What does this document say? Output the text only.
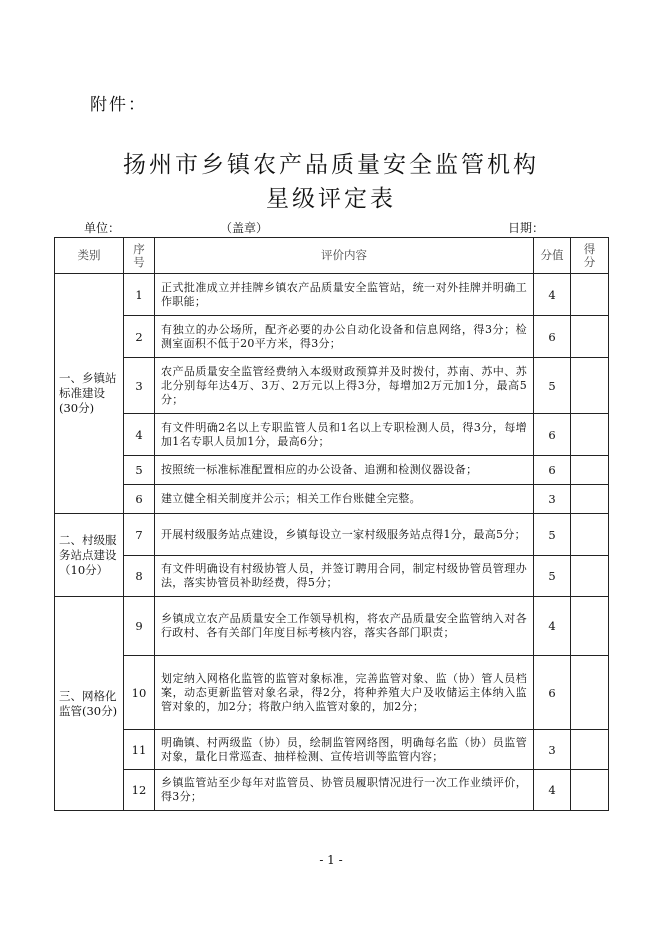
附件：
扬州市乡镇农产品质量安全监管机构
星级评定表
单位：	（盖章）	日期：
类别	序号	评价内容	分值	得分
一、乡镇站标准建设(30分)	1	正式批准成立并挂牌乡镇农产品质量安全监管站，统一对外挂牌并明确工作职能；	4	
	2	有独立的办公场所，配齐必要的办公自动化设备和信息网络，得3分；检测室面积不低于20平方米，得3分；	6	
	3	农产品质量安全监管经费纳入本级财政预算并及时拨付，苏南、苏中、苏北分别每年达4万、3万、2万元以上得3分，每增加2万元加1分，最高5分；	5	
	4	有文件明确2名以上专职监管人员和1名以上专职检测人员，得3分，每增加1名专职人员加1分，最高6分；	6	
	5	按照统一标准标准配置相应的办公设备、追溯和检测仪器设备；	6	
	6	建立健全相关制度并公示；相关工作台账健全完整。	3	
二、村级服务站点建设（10分）	7	开展村级服务站点建设，乡镇每设立一家村级服务站点得1分，最高5分；	5	
	8	有文件明确设有村级协管人员，并签订聘用合同，制定村级协管员管理办法，落实协管员补助经费，得5分；	5	
三、网格化监管(30分)	9	乡镇成立农产品质量安全工作领导机构，将农产品质量安全监管纳入对各行政村、各有关部门年度目标考核内容，落实各部门职责；	4	
	10	划定纳入网格化监管的监管对象标准，完善监管对象、监（协）管人员档案，动态更新监管对象名录，得2分，将种养殖大户及收储运主体纳入监管对象的，加2分；将散户纳入监管对象的，加2分；	6	
	11	明确镇、村两级监（协）员，绘制监管网络图，明确每名监（协）员监管对象，量化日常巡查、抽样检测、宣传培训等监管内容；	3	
	12	乡镇监管站至少每年对监管员、协管员履职情况进行一次工作业绩评价，得3分；	4	
- 1 -
